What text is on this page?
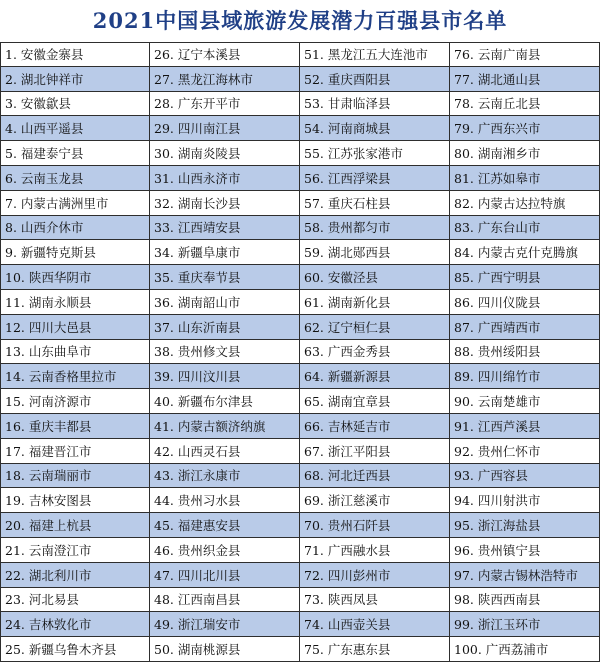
2021中国县域旅游发展潜力百强县市名单
1. 安徽金寨县
2. 湖北钟祥市
3. 安徽歙县
4. 山西平遥县
5. 福建泰宁县
6. 云南玉龙县
7. 内蒙古满洲里市
8. 山西介休市
9. 新疆特克斯县
10. 陕西华阴市
11. 湖南永顺县
12. 四川大邑县
13. 山东曲阜市
14. 云南香格里拉市
15. 河南济源市
16. 重庆丰都县
17. 福建晋江市
18. 云南瑞丽市
19. 吉林安图县
20. 福建上杭县
21. 云南澄江市
22. 湖北利川市
23. 河北易县
24. 吉林敦化市
25. 新疆乌鲁木齐县
26. 辽宁本溪县
27. 黑龙江海林市
28. 广东开平市
29. 四川南江县
30. 湖南炎陵县
31. 山西永济市
32. 湖南长沙县
33. 江西靖安县
34. 新疆阜康市
35. 重庆奉节县
36. 湖南韶山市
37. 山东沂南县
38. 贵州修文县
39. 四川汶川县
40. 新疆布尔津县
41. 内蒙古额济纳旗
42. 山西灵石县
43. 浙江永康市
44. 贵州习水县
45. 福建惠安县
46. 贵州织金县
47. 四川北川县
48. 江西南昌县
49. 浙江瑞安市
50. 湖南桃源县
51. 黑龙江五大连池市
52. 重庆酉阳县
53. 甘肃临泽县
54. 河南商城县
55. 江苏张家港市
56. 江西浮梁县
57. 重庆石柱县
58. 贵州都匀市
59. 湖北郧西县
60. 安徽泾县
61. 湖南新化县
62. 辽宁桓仁县
63. 广西金秀县
64. 新疆新源县
65. 湖南宜章县
66. 吉林延吉市
67. 浙江平阳县
68. 河北迁西县
69. 浙江慈溪市
70. 贵州石阡县
71. 广西融水县
72. 四川彭州市
73. 陕西凤县
74. 山西壶关县
75. 广东惠东县
76. 云南广南县
77. 湖北通山县
78. 云南丘北县
79. 广西东兴市
80. 湖南湘乡市
81. 江苏如皋市
82. 内蒙古达拉特旗
83. 广东台山市
84. 内蒙古克什克腾旗
85. 广西宁明县
86. 四川仪陇县
87. 广西靖西市
88. 贵州绥阳县
89. 四川绵竹市
90. 云南楚雄市
91. 江西芦溪县
92. 贵州仁怀市
93. 广西容县
94. 四川射洪市
95. 浙江海盐县
96. 贵州镇宁县
97. 内蒙古锡林浩特市
98. 陕西西南县
99. 浙江玉环市
100. 广西荔浦市
